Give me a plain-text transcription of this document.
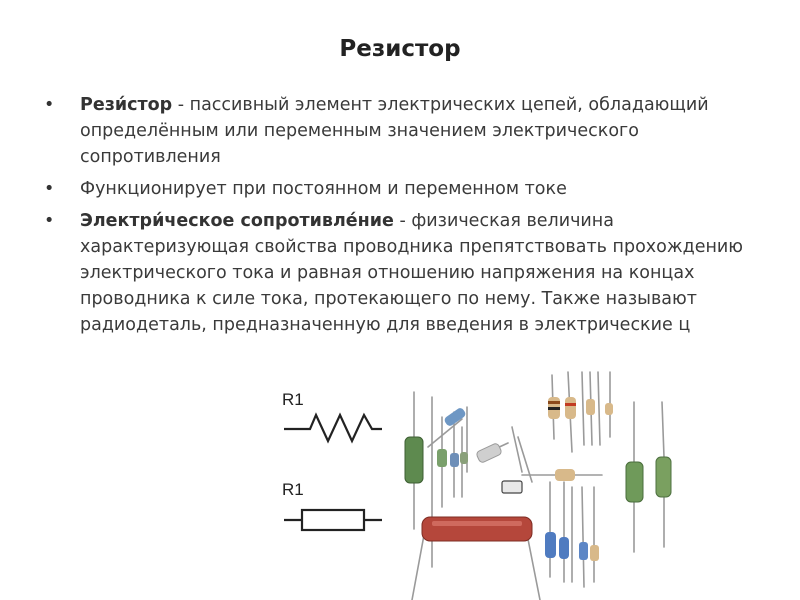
Резистор
• Рези́стор - пассивный элемент электрических цепей, обладающий определённым или переменным значением электрического сопротивления
• Функционирует при постоянном и переменном токе
• Электри́ческое сопротивле́ние - физическая величина характеризующая свойства проводника препятствовать прохождению электрического тока и равная отношению напряжения на концах проводника к силе тока, протекающего по нему. Также называют радиодеталь, предназначенную для введения в электрические ц
R1
R1
